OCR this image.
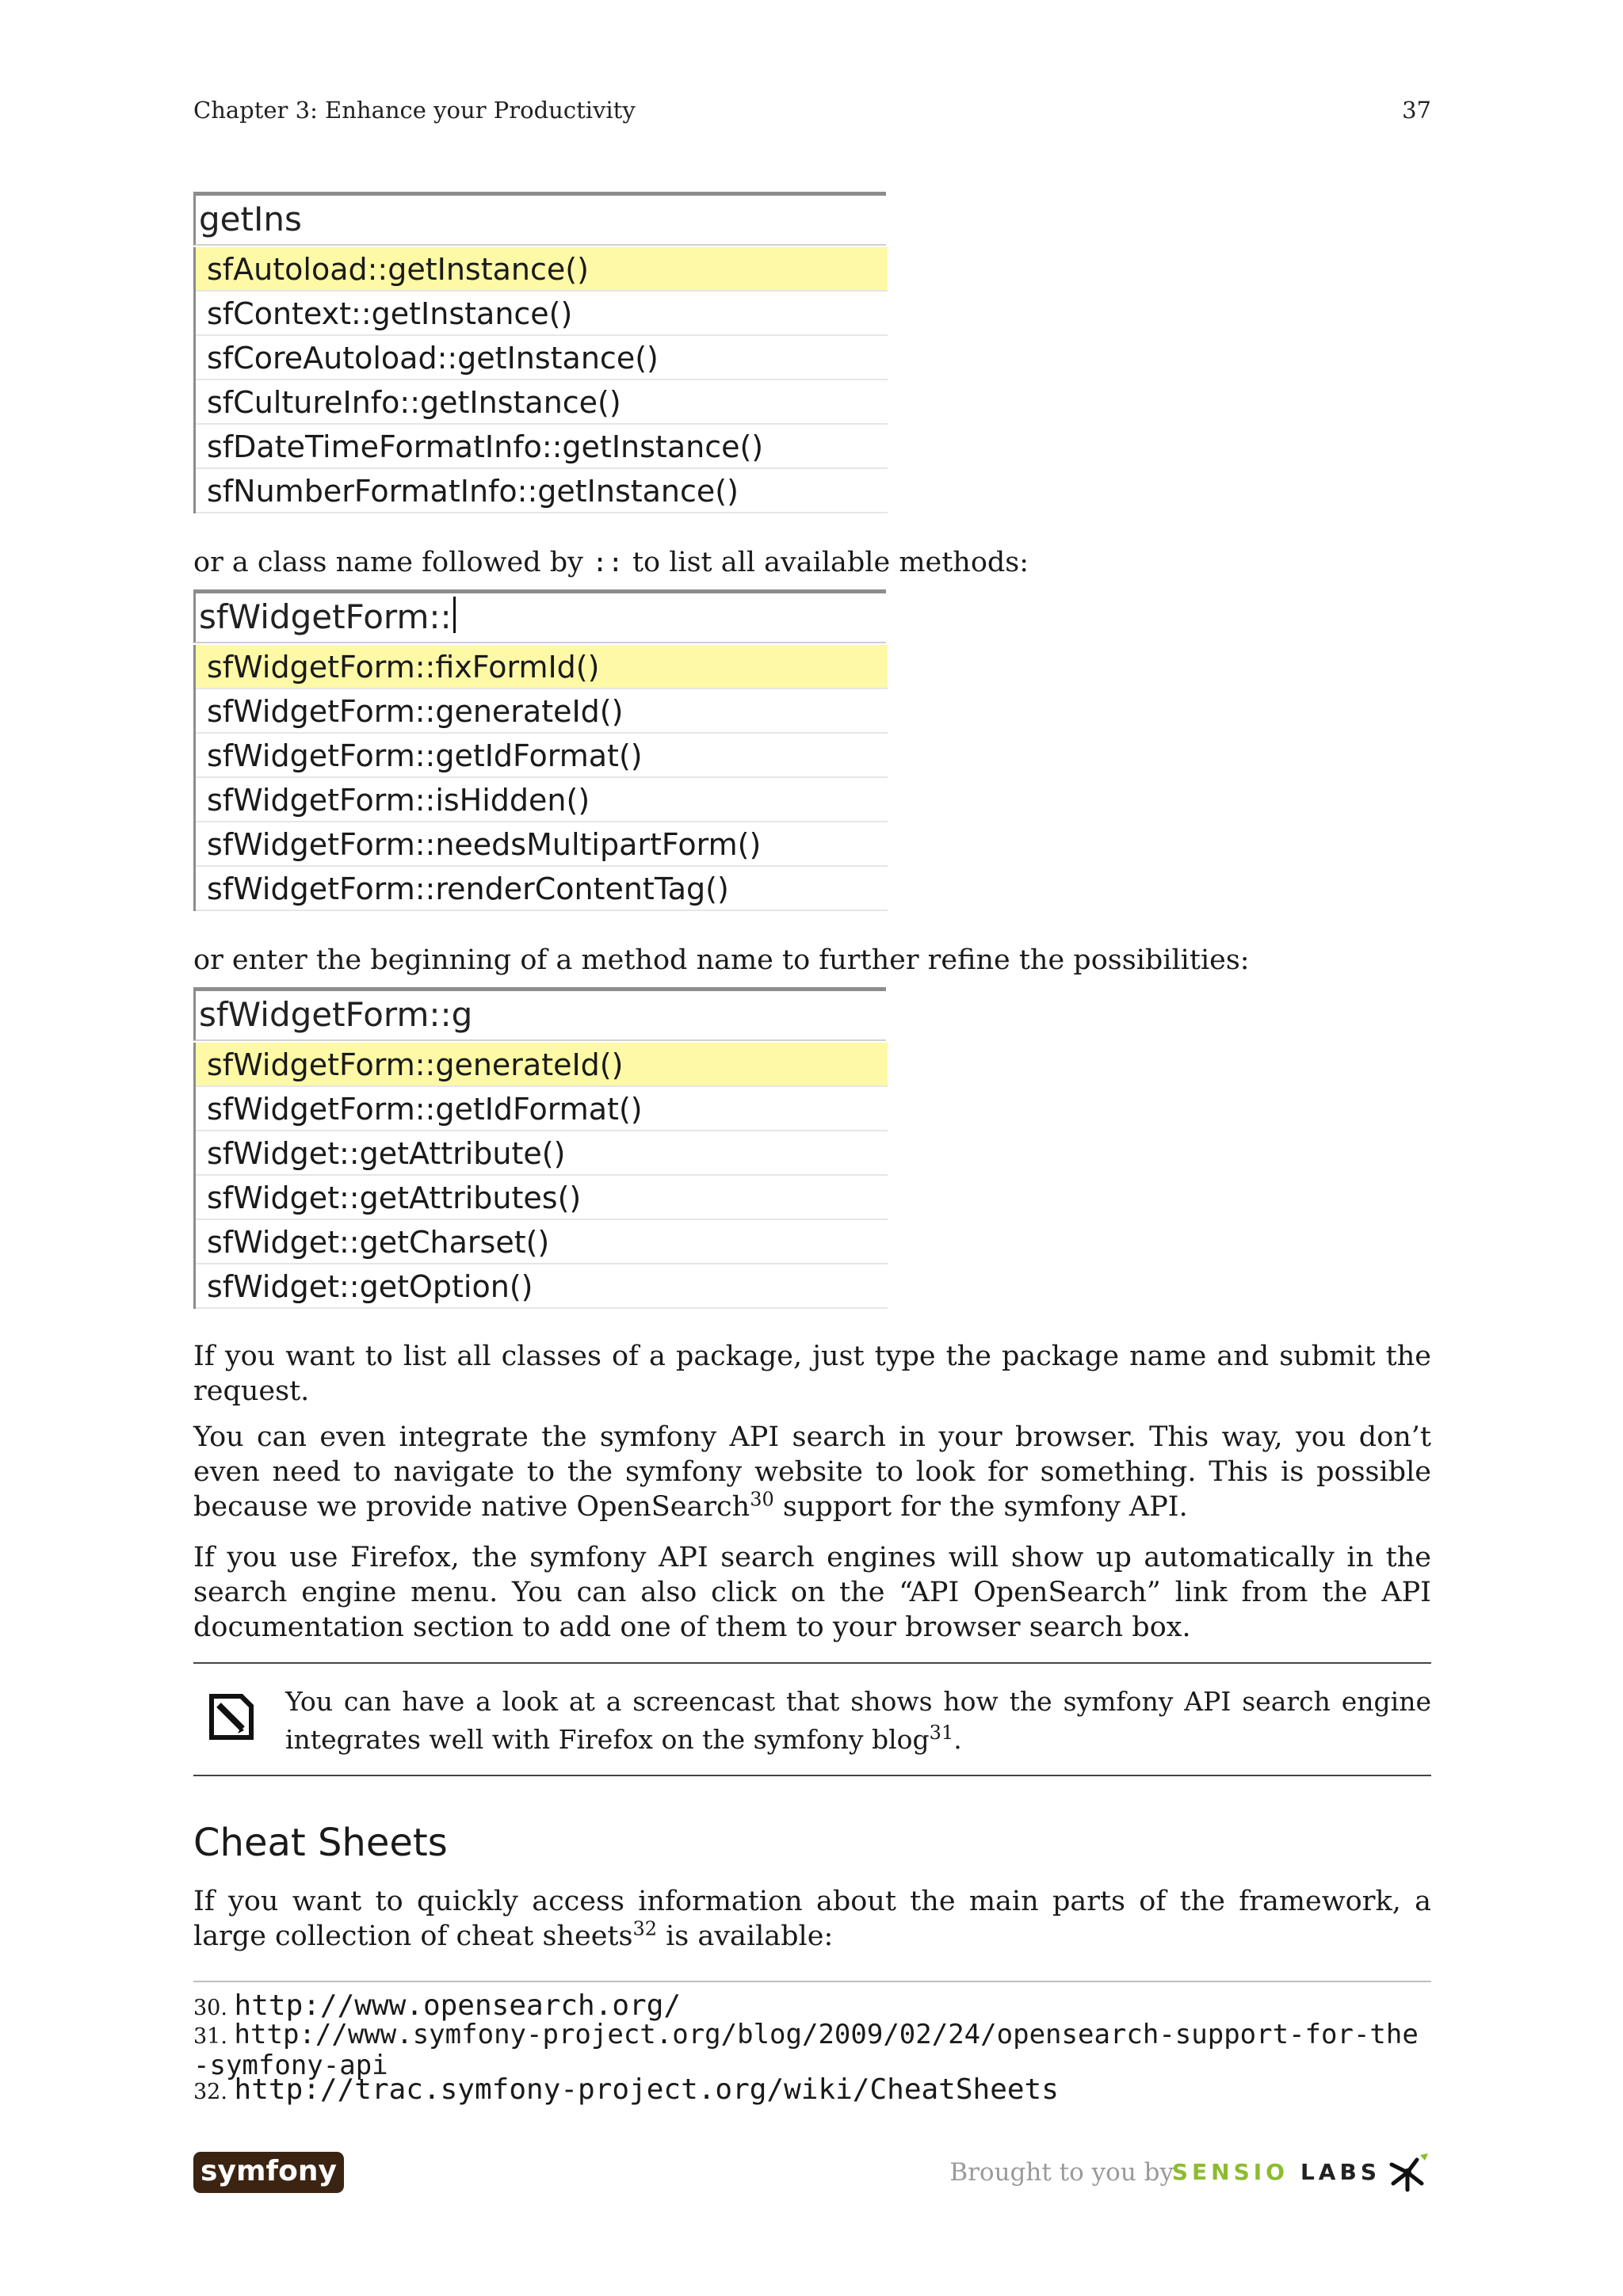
Chapter 3: Enhance your Productivity	37
getIns
sfAutoload::getInstance()
sfContext::getInstance()
sfCoreAutoload::getInstance()
sfCultureInfo::getInstance()
sfDateTimeFormatInfo::getInstance()
sfNumberFormatInfo::getInstance()
or a class name followed by :: to list all available methods:
sfWidgetForm::
sfWidgetForm::fixFormId()
sfWidgetForm::generateId()
sfWidgetForm::getIdFormat()
sfWidgetForm::isHidden()
sfWidgetForm::needsMultipartForm()
sfWidgetForm::renderContentTag()
or enter the beginning of a method name to further refine the possibilities:
sfWidgetForm::g
sfWidgetForm::generateId()
sfWidgetForm::getIdFormat()
sfWidget::getAttribute()
sfWidget::getAttributes()
sfWidget::getCharset()
sfWidget::getOption()
If you want to list all classes of a package, just type the package name and submit the request.
You can even integrate the symfony API search in your browser. This way, you don’t even need to navigate to the symfony website to look for something. This is possible because we provide native OpenSearch$^{30}$ support for the symfony API.
If you use Firefox, the symfony API search engines will show up automatically in the search engine menu. You can also click on the “API OpenSearch” link from the API documentation section to add one of them to your browser search box.
You can have a look at a screencast that shows how the symfony API search engine integrates well with Firefox on the symfony blog$^{31}$.
Cheat Sheets
If you want to quickly access information about the main parts of the framework, a large collection of cheat sheets$^{32}$ is available:
30. http://www.opensearch.org/
31. http://www.symfony-project.org/blog/2009/02/24/opensearch-support-for-the-symfony-api
32. http://trac.symfony-project.org/wiki/CheatSheets
symfony	Brought to you by
SENSIO LABS
